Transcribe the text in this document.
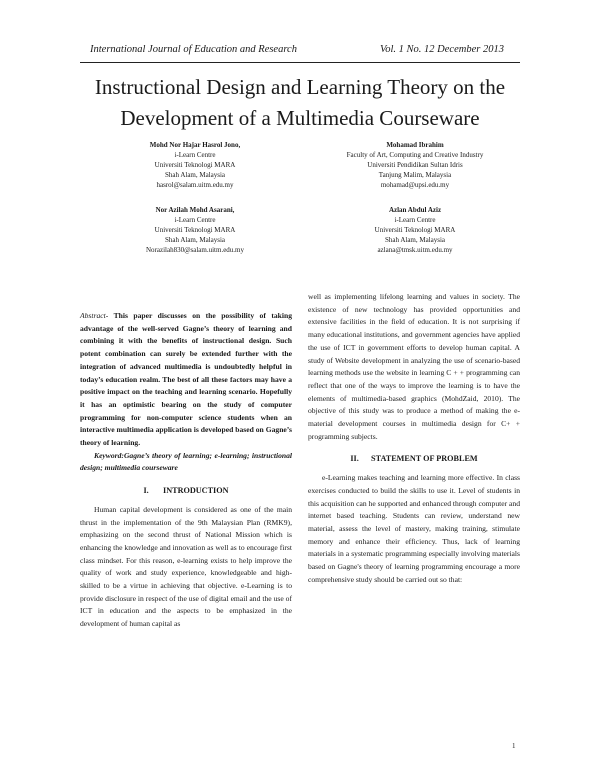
International Journal of Education and Research	Vol. 1 No. 12 December 2013
Instructional Design and Learning Theory on the
Development of a Multimedia Courseware
Mohd Nor Hajar Hasrol Jono,
i-Learn Centre
Universiti Teknologi MARA
Shah Alam, Malaysia
hasrol@salam.uitm.edu.my
Mohamad Ibrahim
Faculty of Art, Computing and Creative Industry
Universiti Pendidikan Sultan Idris
Tanjung Malim, Malaysia
mohamad@upsi.edu.my
Nor Azilah Mohd Asarani,
i-Learn Centre
Universiti Teknologi MARA
Shah Alam, Malaysia
Norazilah830@salam.uitm.edu.my
Azlan Abdul Aziz
i-Learn Centre
Universiti Teknologi MARA
Shah Alam, Malaysia
azlana@tmsk.uitm.edu.my

Abstract- This paper discusses on the possibility of taking advantage of the well-served Gagne’s theory of learning and combining it with the benefits of instructional design. Such potent combination can surely be extended further with the integration of advanced multimedia is undoubtedly helpful in today’s education realm. The best of all these factors may have a positive impact on the teaching and learning scenario. Hopefully it has an optimistic bearing on the study of computer programming for non-computer science students when an interactive multimedia application is developed based on Gagne’s theory of learning.

Keyword:Gagne’s theory of learning; e-learning; instructional design; multimedia courseware

I.       INTRODUCTION

Human capital development is considered as one of the main thrust in the implementation of the 9th Malaysian Plan (RMK9), emphasizing on the second thrust of National Mission which is enhancing the knowledge and innovation as well as to encourage first class mindset. For this reason, e-learning exists to help improve the quality of work and study experience, knowledgeable and high-skilled to be a virtue in achieving that objective. e-Learning is to provide disclosure in respect of the use of digital email and the use of ICT in education and the aspects to be emphasized in the development of human capital as

well as implementing lifelong learning and values in society. The existence of new technology has provided opportunities and extensive facilities in the field of education. It is not surprising if many educational institutions, and government agencies have applied the use of ICT in government efforts to develop human capital. A study of Website development in analyzing the use of scenario-based learning methods use the website in learning C + + programming can reflect that one of the ways to improve the learning is to have the elements of multimedia-based graphics (MohdZaid, 2010). The objective of this study was to produce a method of making the e-material development courses in multimedia design for C+ + programming subjects.

II.      STATEMENT OF PROBLEM

e-Learning makes teaching and learning more effective. In class exercises conducted to build the skills to use it. Level of students in this acquisition can he supported and enhanced through computer and internet based teaching. Students can review, understand new material, assess the level of mastery, making training, stimulate memory and enhance their efficiency. Thus, lack of learning materials in a systematic programming especially involving materials based on Gagne's theory of learning programming encourage a more comprehensive study should be carried out so that:

1
